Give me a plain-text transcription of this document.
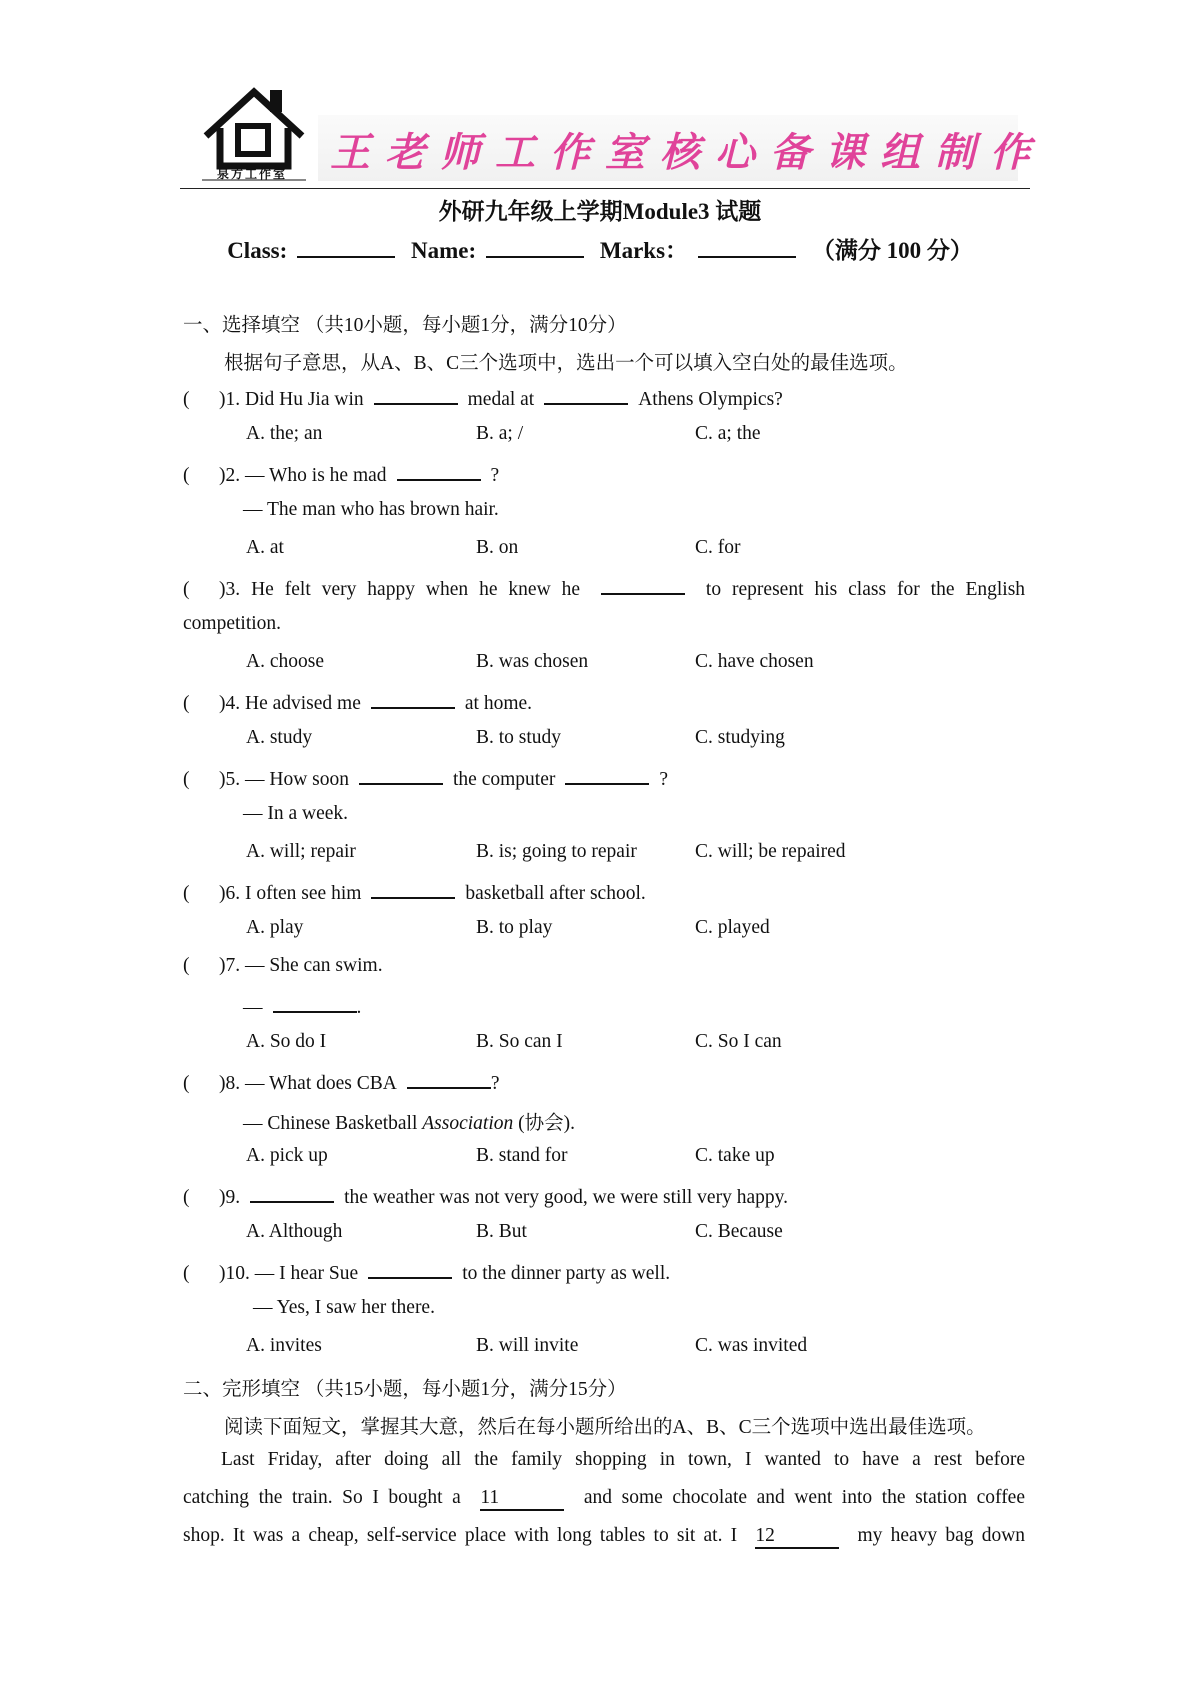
泉方工作室	王老师工作室核心备课组制作
外研九年级上学期Module3 试题
Class:	Name:	Marks：	（满分 100 分）
一、选择填空 （共10小题，每小题1分，满分10分）
根据句子意思，从A、B、C三个选项中，选出一个可以填入空白处的最佳选项。
( )1. Did Hu Jia win	medal at	Athens Olympics?
A. the; an	B. a; /	C. a; the
( )2. — Who is he mad	?
— The man who has brown hair.
A. at	B. on	C. for
( )3. He felt very happy when he knew he	to represent his class for the English
competition.
A. choose	B. was chosen	C. have chosen
( )4. He advised me	at home.
A. study	B. to study	C. studying
( )5. — How soon	the computer	?
— In a week.
A. will; repair	B. is; going to repair	C. will; be repaired
( )6. I often see him	basketball after school.
A. play	B. to play	C. played
( )7. — She can swim.
—	.
A. So do I	B. So can I	C. So I can
( )8. — What does CBA	?
— Chinese Basketball Association (协会).
A. pick up	B. stand for	C. take up
( )9.	the weather was not very good, we were still very happy.
A. Although	B. But	C. Because
( )10. — I hear Sue	to the dinner party as well.
— Yes, I saw her there.
A. invites	B. will invite	C. was invited
二、完形填空 （共15小题，每小题1分，满分15分）
阅读下面短文，掌握其大意，然后在每小题所给出的A、B、C三个选项中选出最佳选项。
Last Friday, after doing all the family shopping in town, I wanted to have a rest before
catching the train. So I bought a 11	and some chocolate and went into the station coffee
shop. It was a cheap, self-service place with long tables to sit at. I 12	my heavy bag down
